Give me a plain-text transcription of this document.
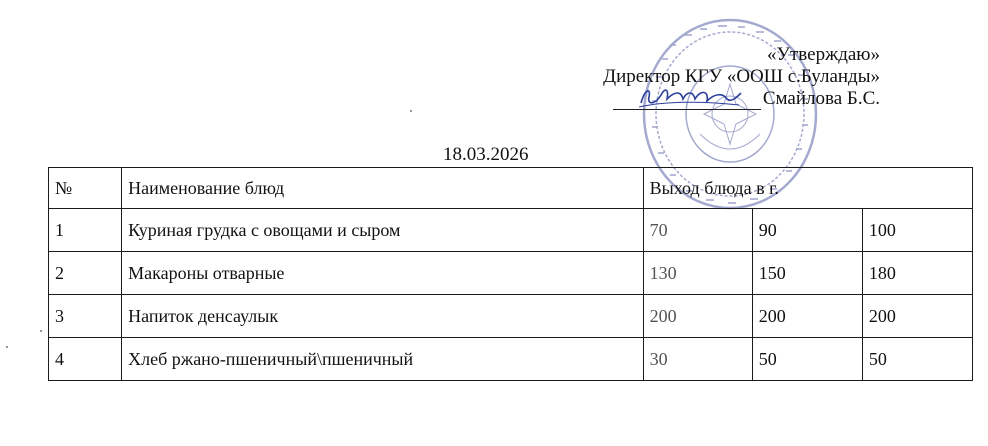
«Утверждаю»
Директор КГУ «ООШ с.Буланды»
Смайлова Б.С.
18.03.2026
№	Наименование блюд	Выход блюда в г.		
1	Куриная грудка с овощами и сыром	70	90	100
2	Макароны отварные	130	150	180
3	Напиток денсаулык	200	200	200
4	Хлеб ржано-пшеничный\пшеничный	30	50	50
